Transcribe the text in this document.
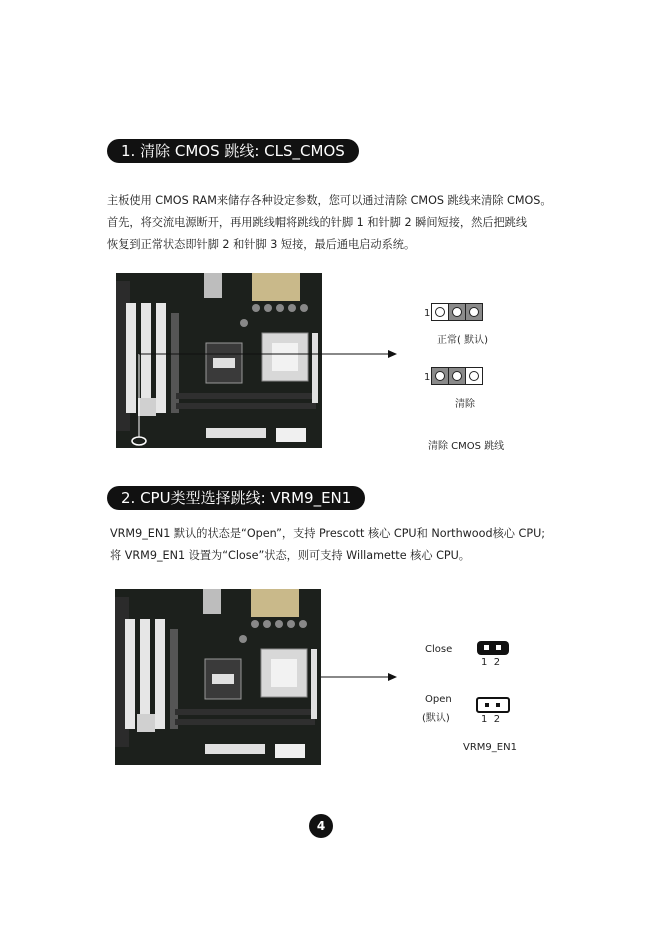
1. 清除 CMOS 跳线: CLS_CMOS
主板使用 CMOS RAM来储存各种设定参数，您可以通过清除 CMOS 跳线来清除 CMOS。
首先，将交流电源断开，再用跳线帽将跳线的针脚 1 和针脚 2 瞬间短接，然后把跳线
恢复到正常状态即针脚 2 和针脚 3 短接，最后通电启动系统。
1
正常( 默认)
1
清除
清除 CMOS 跳线
2. CPU类型选择跳线: VRM9_EN1
VRM9_EN1 默认的状态是“Open”，支持 Prescott 核心 CPU和 Northwood核心 CPU;
将 VRM9_EN1 设置为“Close”状态，则可支持 Willamette 核心 CPU。
Close
1  2
Open
(默认)	1  2
VRM9_EN1
4
